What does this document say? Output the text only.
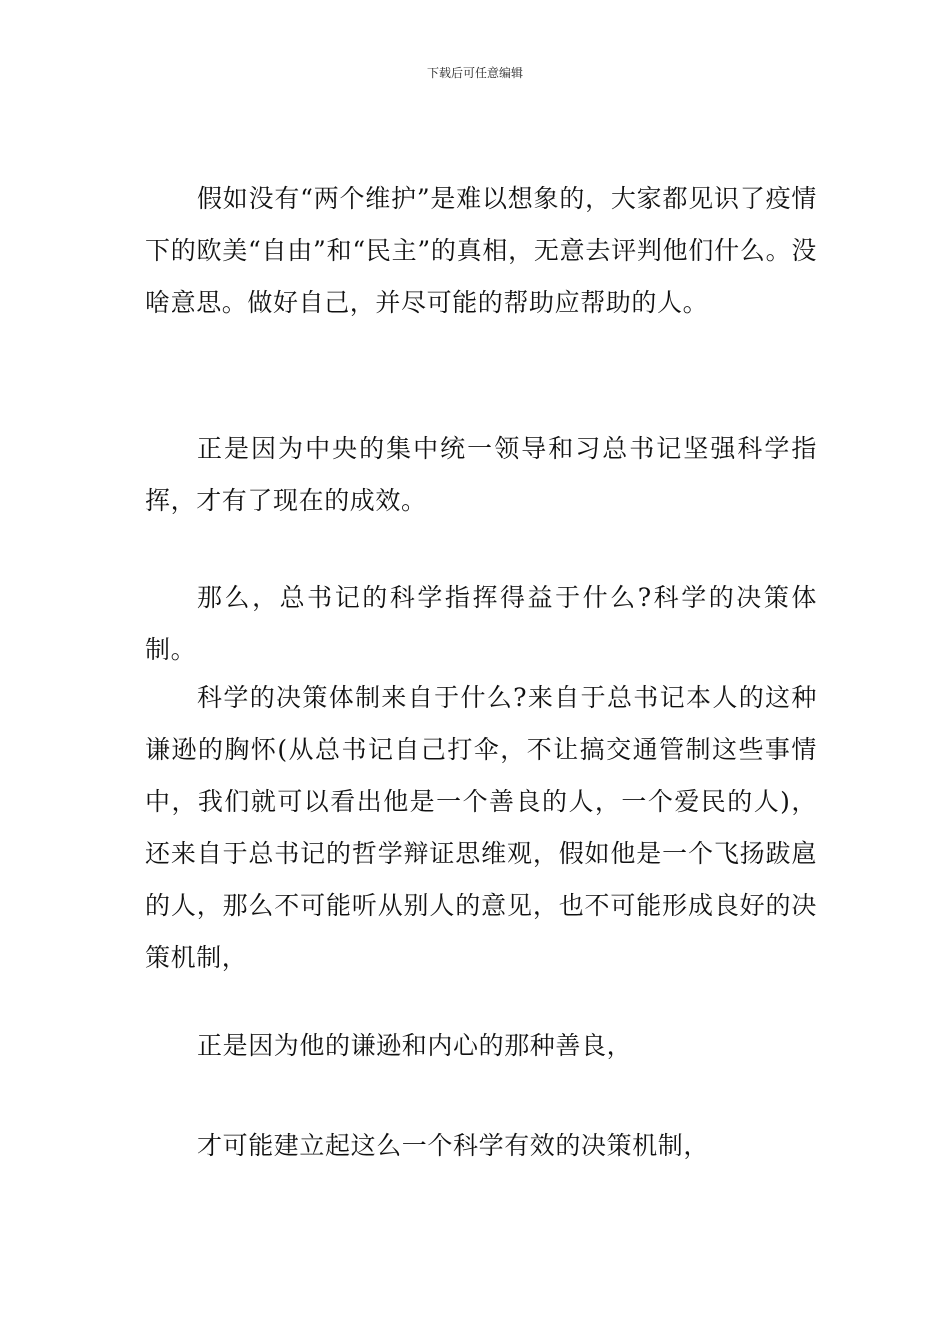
下载后可任意编辑

假如没有“两个维护”是难以想象的，大家都见识了疫情下的欧美“自由”和“民主”的真相，无意去评判他们什么。没啥意思。做好自己，并尽可能的帮助应帮助的人。

正是因为中央的集中统一领导和习总书记坚强科学指挥，才有了现在的成效。

那么，总书记的科学指挥得益于什么?科学的决策体制。

科学的决策体制来自于什么?来自于总书记本人的这种谦逊的胸怀(从总书记自己打伞，不让搞交通管制这些事情中，我们就可以看出他是一个善良的人，一个爱民的人)，还来自于总书记的哲学辩证思维观，假如他是一个飞扬跋扈的人，那么不可能听从别人的意见，也不可能形成良好的决策机制，

正是因为他的谦逊和内心的那种善良，

才可能建立起这么一个科学有效的决策机制，
